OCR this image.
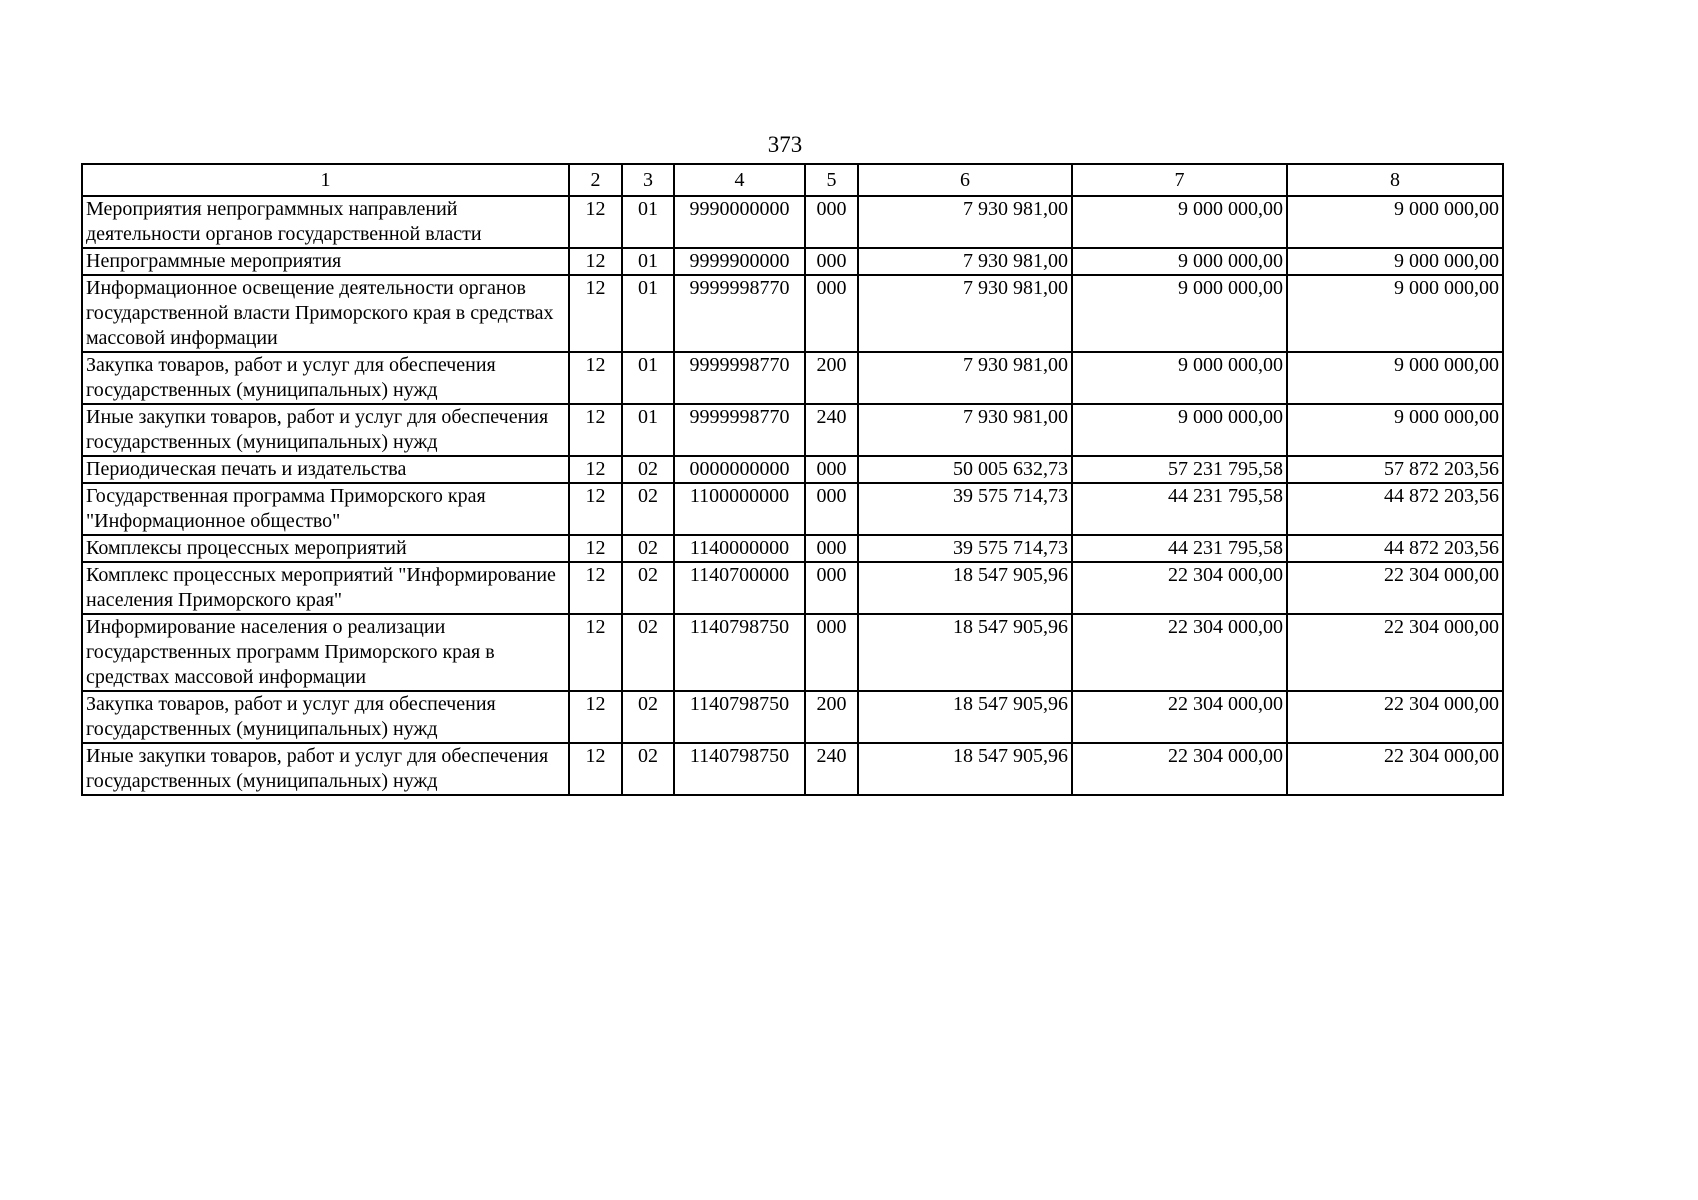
373
1	2	3	4	5	6	7	8
Мероприятия непрограммных направлений деятельности органов государственной власти	12	01	9990000000	000	7 930 981,00	9 000 000,00	9 000 000,00
Непрограммные мероприятия	12	01	9999900000	000	7 930 981,00	9 000 000,00	9 000 000,00
Информационное освещение деятельности органов государственной власти Приморского края в средствах массовой информации	12	01	9999998770	000	7 930 981,00	9 000 000,00	9 000 000,00
Закупка товаров, работ и услуг для обеспечения государственных (муниципальных) нужд	12	01	9999998770	200	7 930 981,00	9 000 000,00	9 000 000,00
Иные закупки товаров, работ и услуг для обеспечения государственных (муниципальных) нужд	12	01	9999998770	240	7 930 981,00	9 000 000,00	9 000 000,00
Периодическая печать и издательства	12	02	0000000000	000	50 005 632,73	57 231 795,58	57 872 203,56
Государственная программа Приморского края "Информационное общество"	12	02	1100000000	000	39 575 714,73	44 231 795,58	44 872 203,56
Комплексы процессных мероприятий	12	02	1140000000	000	39 575 714,73	44 231 795,58	44 872 203,56
Комплекс процессных мероприятий "Информирование населения Приморского края"	12	02	1140700000	000	18 547 905,96	22 304 000,00	22 304 000,00
Информирование населения о реализации государственных программ Приморского края в средствах массовой информации	12	02	1140798750	000	18 547 905,96	22 304 000,00	22 304 000,00
Закупка товаров, работ и услуг для обеспечения государственных (муниципальных) нужд	12	02	1140798750	200	18 547 905,96	22 304 000,00	22 304 000,00
Иные закупки товаров, работ и услуг для обеспечения государственных (муниципальных) нужд	12	02	1140798750	240	18 547 905,96	22 304 000,00	22 304 000,00
